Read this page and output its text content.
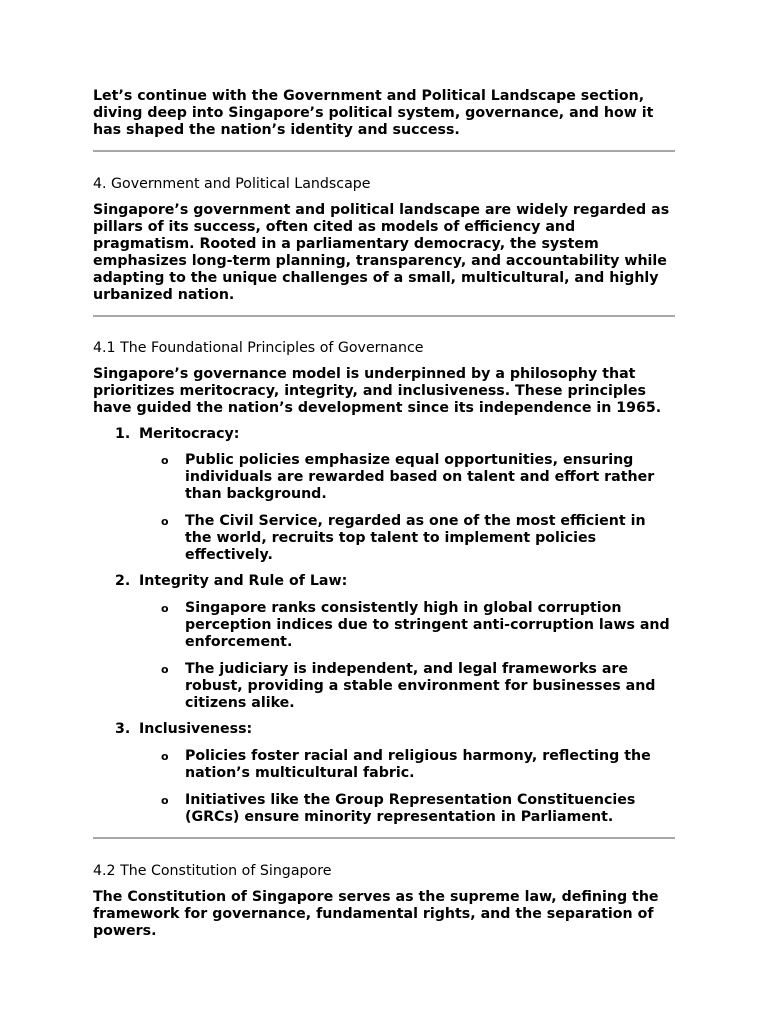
Let’s continue with the Government and Political Landscape section, diving deep into Singapore’s political system, governance, and how it has shaped the nation’s identity and success.

4. Government and Political Landscape

Singapore’s government and political landscape are widely regarded as pillars of its success, often cited as models of efficiency and pragmatism. Rooted in a parliamentary democracy, the system emphasizes long-term planning, transparency, and accountability while adapting to the unique challenges of a small, multicultural, and highly urbanized nation.

4.1 The Foundational Principles of Governance

Singapore’s governance model is underpinned by a philosophy that prioritizes meritocracy, integrity, and inclusiveness. These principles have guided the nation’s development since its independence in 1965.

1. Meritocracy:
o Public policies emphasize equal opportunities, ensuring individuals are rewarded based on talent and effort rather than background.
o The Civil Service, regarded as one of the most efficient in the world, recruits top talent to implement policies effectively.
2. Integrity and Rule of Law:
o Singapore ranks consistently high in global corruption perception indices due to stringent anti-corruption laws and enforcement.
o The judiciary is independent, and legal frameworks are robust, providing a stable environment for businesses and citizens alike.
3. Inclusiveness:
o Policies foster racial and religious harmony, reflecting the nation’s multicultural fabric.
o Initiatives like the Group Representation Constituencies (GRCs) ensure minority representation in Parliament.

4.2 The Constitution of Singapore

The Constitution of Singapore serves as the supreme law, defining the framework for governance, fundamental rights, and the separation of powers.
